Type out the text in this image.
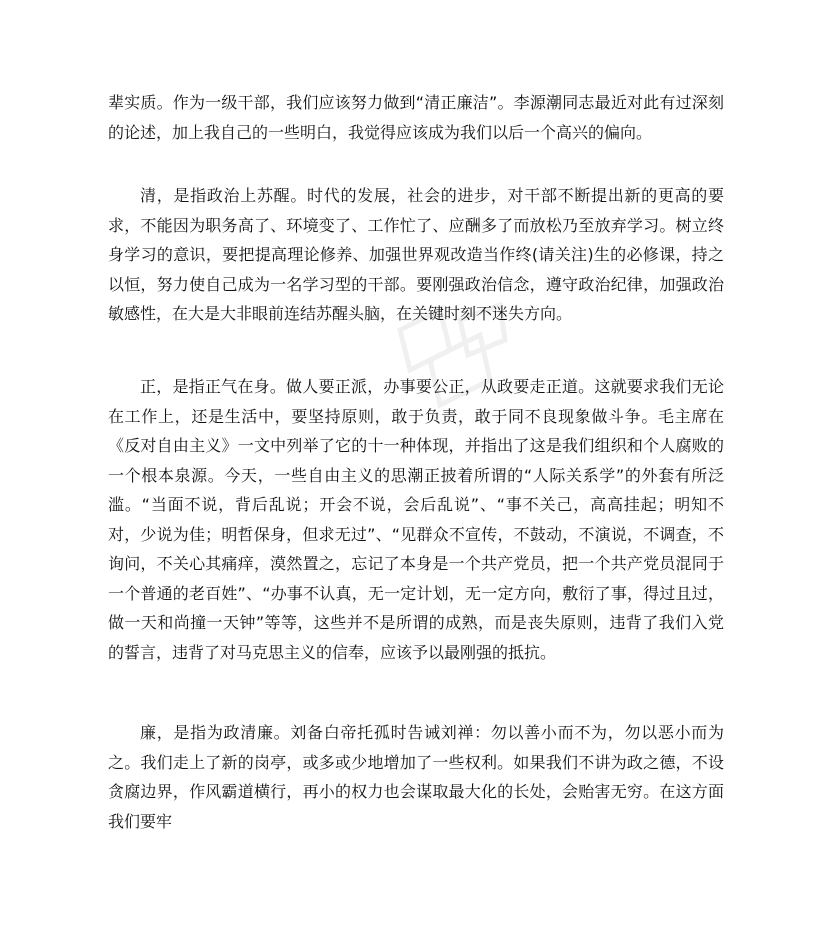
辈实质。作为一级干部，我们应该努力做到“清正廉洁”。李源潮同志最近对此有过深刻的论述，加上我自己的一些明白，我觉得应该成为我们以后一个高兴的偏向。

清，是指政治上苏醒。时代的发展，社会的进步，对干部不断提出新的更高的要求，不能因为职务高了、环境变了、工作忙了、应酬多了而放松乃至放弃学习。树立终身学习的意识，要把提高理论修养、加强世界观改造当作终(请关注)生的必修课，持之以恒，努力使自己成为一名学习型的干部。要刚强政治信念，遵守政治纪律，加强政治敏感性，在大是大非眼前连结苏醒头脑，在关键时刻不迷失方向。

正，是指正气在身。做人要正派，办事要公正，从政要走正道。这就要求我们无论在工作上，还是生活中，要坚持原则，敢于负责，敢于同不良现象做斗争。毛主席在《反对自由主义》一文中列举了它的十一种体现，并指出了这是我们组织和个人腐败的一个根本泉源。今天，一些自由主义的思潮正披着所谓的“人际关系学”的外套有所泛滥。“当面不说，背后乱说；开会不说，会后乱说”、“事不关己，高高挂起；明知不对，少说为佳；明哲保身，但求无过”、“见群众不宣传，不鼓动，不演说，不调查，不询问，不关心其痛痒，漠然置之，忘记了本身是一个共产党员，把一个共产党员混同于一个普通的老百姓”、“办事不认真，无一定计划，无一定方向，敷衍了事，得过且过，做一天和尚撞一天钟”等等，这些并不是所谓的成熟，而是丧失原则，违背了我们入党的誓言，违背了对马克思主义的信奉，应该予以最刚强的抵抗。

廉，是指为政清廉。刘备白帝托孤时告诫刘禅：勿以善小而不为，勿以恶小而为之。我们走上了新的岗亭，或多或少地增加了一些权利。如果我们不讲为政之德，不设贪腐边界，作风霸道横行，再小的权力也会谋取最大化的长处，会贻害无穷。在这方面我们要牢
